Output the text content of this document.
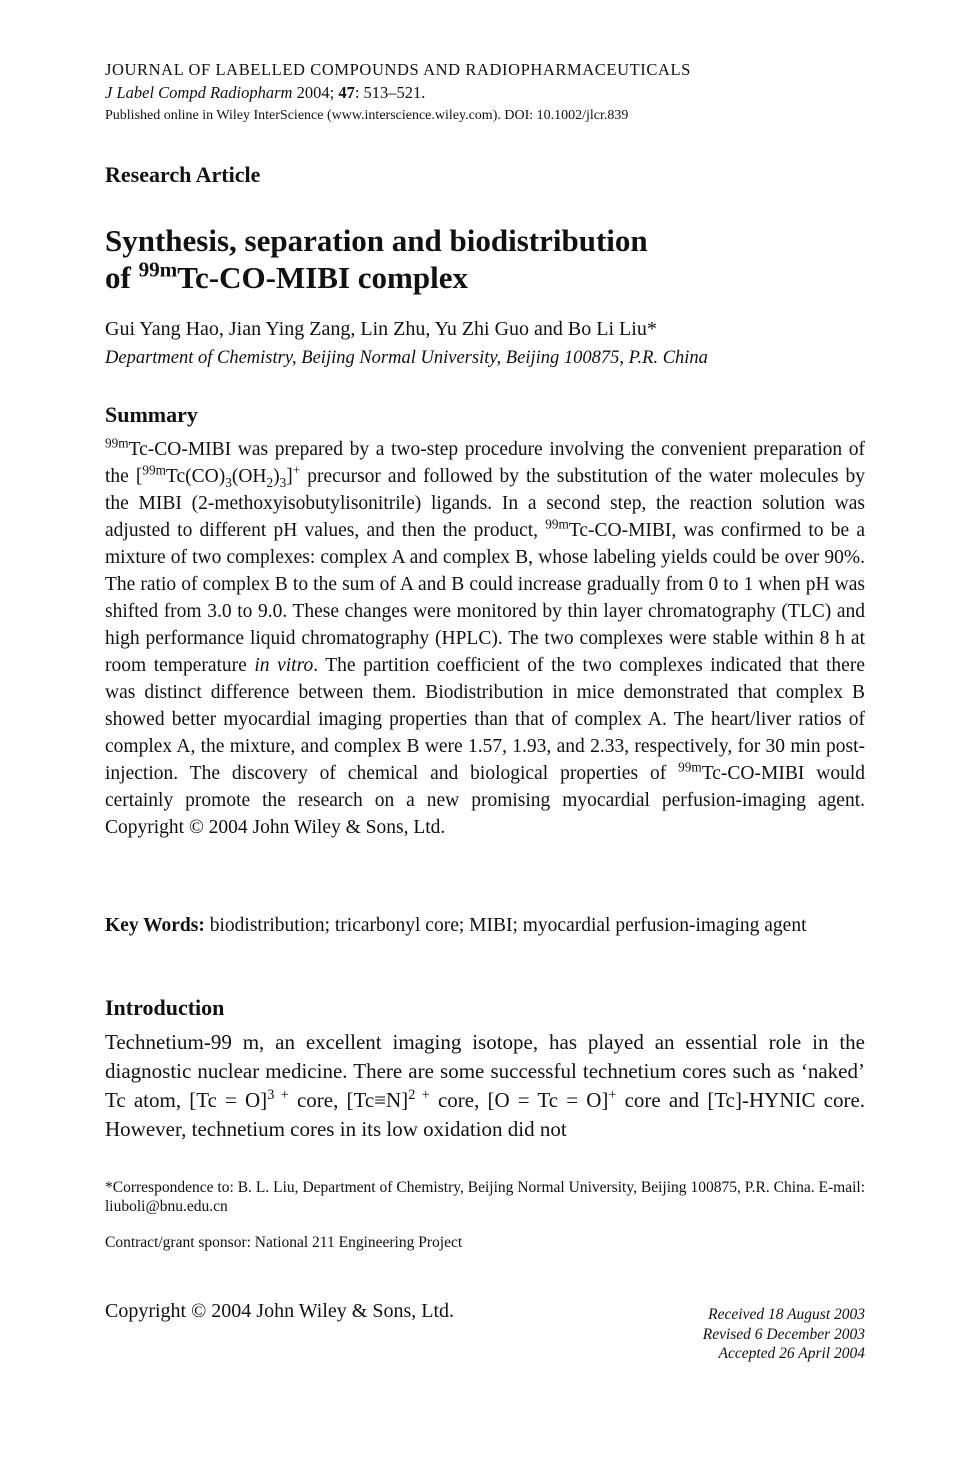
JOURNAL OF LABELLED COMPOUNDS AND RADIOPHARMACEUTICALS
J Label Compd Radiopharm 2004; 47: 513–521.
Published online in Wiley InterScience (www.interscience.wiley.com). DOI: 10.1002/jlcr.839
Research Article
Synthesis, separation and biodistribution
of $^{99m}$Tc-CO-MIBI complex
Gui Yang Hao, Jian Ying Zang, Lin Zhu, Yu Zhi Guo and Bo Li Liu*
Department of Chemistry, Beijing Normal University, Beijing 100875, P.R. China
Summary
$^{99m}$Tc-CO-MIBI was prepared by a two-step procedure involving the convenient preparation of the $[^{99m}Tc(CO)_3(OH_2)_3]^+$ precursor and followed by the substitution of the water molecules by the MIBI (2-methoxyisobutylisonitrile) ligands. In a second step, the reaction solution was adjusted to different pH values, and then the product, $^{99m}$Tc-CO-MIBI, was confirmed to be a mixture of two complexes: complex A and complex B, whose labeling yields could be over 90%. The ratio of complex B to the sum of A and B could increase gradually from 0 to 1 when pH was shifted from 3.0 to 9.0. These changes were monitored by thin layer chromatography (TLC) and high performance liquid chromatography (HPLC). The two complexes were stable within 8 h at room temperature in vitro. The partition coefficient of the two complexes indicated that there was distinct difference between them. Biodistribution in mice demonstrated that complex B showed better myocardial imaging properties than that of complex A. The heart/liver ratios of complex A, the mixture, and complex B were 1.57, 1.93, and 2.33, respectively, for 30 min post-injection. The discovery of chemical and biological properties of $^{99m}$Tc-CO-MIBI would certainly promote the research on a new promising myocardial perfusion-imaging agent. Copyright © 2004 John Wiley & Sons, Ltd.
Key Words: biodistribution; tricarbonyl core; MIBI; myocardial perfusion-imaging agent
Introduction
Technetium-99 m, an excellent imaging isotope, has played an essential role in the diagnostic nuclear medicine. There are some successful technetium cores such as ‘naked’ Tc atom, [Tc = O]$^{3 +}$ core, $[Tc\equiv N]^{2 +}$ core, [O = Tc = O]+ core and [Tc]-HYNIC core. However, technetium cores in its low oxidation did not
*Correspondence to: B. L. Liu, Department of Chemistry, Beijing Normal University, Beijing 100875, P.R. China. E-mail: liuboli@bnu.edu.cn
Contract/grant sponsor: National 211 Engineering Project
Copyright © 2004 John Wiley & Sons, Ltd.	Received 18 August 2003
Revised 6 December 2003
Accepted 26 April 2004
